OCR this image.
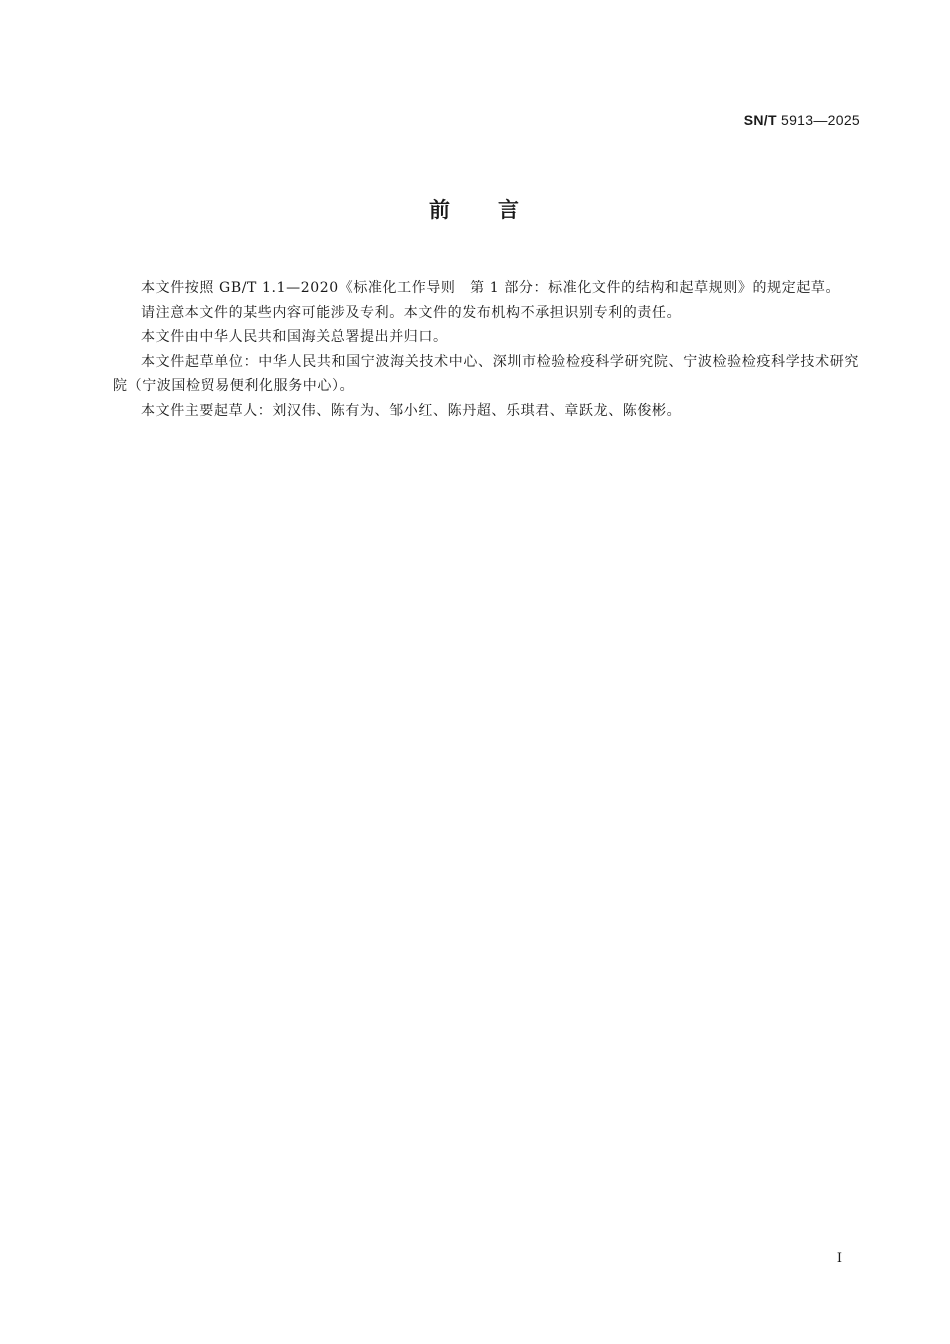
SN/T 5913—2025
前 言

本文件按照 GB/T 1.1—2020《标准化工作导则　第 1 部分：标准化文件的结构和起草规则》的规定起草。

请注意本文件的某些内容可能涉及专利。本文件的发布机构不承担识别专利的责任。

本文件由中华人民共和国海关总署提出并归口。

本文件起草单位：中华人民共和国宁波海关技术中心、深圳市检验检疫科学研究院、宁波检验检疫科学技术研究院（宁波国检贸易便利化服务中心）。

本文件主要起草人：刘汉伟、陈有为、邹小红、陈丹超、乐琪君、章跃龙、陈俊彬。

I
